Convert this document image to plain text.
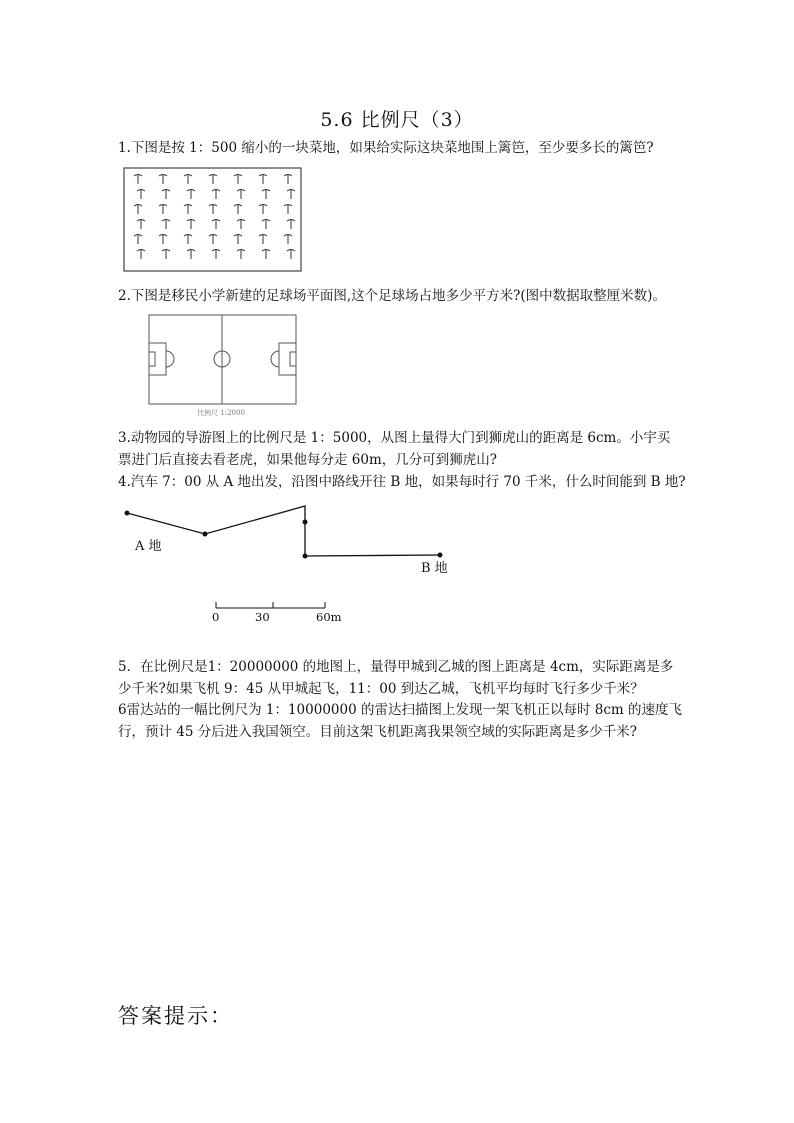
5.6 比例尺（3）
1.下图是按 1：500 缩小的一块菜地，如果给实际这块菜地围上篱笆，至少要多长的篱笆?
2.下图是移民小学新建的足球场平面图,这个足球场占地多少平方米?(图中数据取整厘米数)。
比例尺 1:2000
3.动物园的导游图上的比例尺是 1：5000，从图上量得大门到狮虎山的距离是 6cm。小宇买
票进门后直接去看老虎，如果他每分走 60m，几分可到狮虎山?
4.汽车 7：00 从 A 地出发，沿图中路线开往 B 地，如果每时行 70 千米，什么时间能到 B 地?
A 地
B 地
0	30	60m
5．在比例尺是1：20000000 的地图上，量得甲城到乙城的图上距离是 4cm，实际距离是多
少千米?如果飞机 9：45 从甲城起飞，11：00 到达乙城，飞机平均每时飞行多少千米？
6雷达站的一幅比例尺为 1：10000000 的雷达扫描图上发现一架飞机正以每时 8cm 的速度飞
行，预计 45 分后进入我国领空。目前这架飞机距离我果领空域的实际距离是多少千米?
答案提示：
